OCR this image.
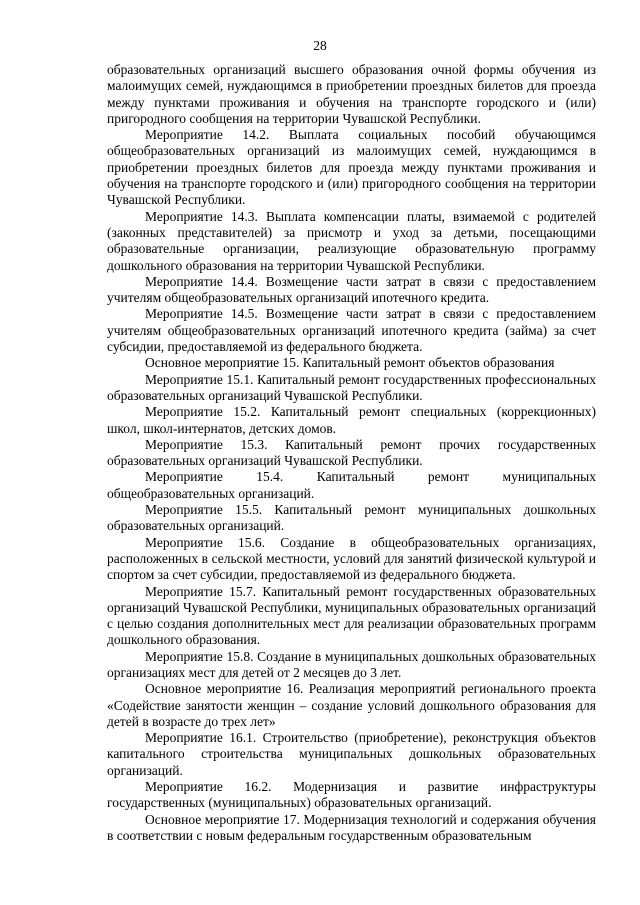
28

образовательных организаций высшего образования очной формы обучения из малоимущих семей, нуждающимся в приобретении проездных билетов для проезда между пунктами проживания и обучения на транспорте городского и (или) пригородного сообщения на территории Чувашской Республики.

Мероприятие 14.2. Выплата социальных пособий обучающимся общеобразовательных организаций из малоимущих семей, нуждающимся в приобретении проездных билетов для проезда между пунктами проживания и обучения на транспорте городского и (или) пригородного сообщения на территории Чувашской Республики.

Мероприятие 14.3. Выплата компенсации платы, взимаемой с родителей (законных представителей) за присмотр и уход за детьми, посещающими образовательные организации, реализующие образовательную программу дошкольного образования на территории Чувашской Республики.

Мероприятие 14.4. Возмещение части затрат в связи с предоставлением учителям общеобразовательных организаций ипотечного кредита.

Мероприятие 14.5. Возмещение части затрат в связи с предоставлением учителям общеобразовательных организаций ипотечного кредита (займа) за счет субсидии, предоставляемой из федерального бюджета.

Основное мероприятие 15. Капитальный ремонт объектов образования

Мероприятие 15.1. Капитальный ремонт государственных профессиональных образовательных организаций Чувашской Республики.

Мероприятие 15.2. Капитальный ремонт специальных (коррекционных) школ, школ-интернатов, детских домов.

Мероприятие 15.3. Капитальный ремонт прочих государственных образовательных организаций Чувашской Республики.

Мероприятие 15.4. Капитальный ремонт муниципальных общеобразовательных организаций.

Мероприятие 15.5. Капитальный ремонт муниципальных дошкольных образовательных организаций.

Мероприятие 15.6. Создание в общеобразовательных организациях, расположенных в сельской местности, условий для занятий физической культурой и спортом за счет субсидии, предоставляемой из федерального бюджета.

Мероприятие 15.7. Капитальный ремонт государственных образовательных организаций Чувашской Республики, муниципальных образовательных организаций с целью создания дополнительных мест для реализации образовательных программ дошкольного образования.

Мероприятие 15.8. Создание в муниципальных дошкольных образовательных организациях мест для детей от 2 месяцев до 3 лет.

Основное мероприятие 16. Реализация мероприятий регионального проекта «Содействие занятости женщин – создание условий дошкольного образования для детей в возрасте до трех лет»

Мероприятие 16.1. Строительство (приобретение), реконструкция объектов капитального строительства муниципальных дошкольных образовательных организаций.

Мероприятие 16.2. Модернизация и развитие инфраструктуры государственных (муниципальных) образовательных организаций.

Основное мероприятие 17. Модернизация технологий и содержания обучения в соответствии с новым федеральным государственным образовательным
